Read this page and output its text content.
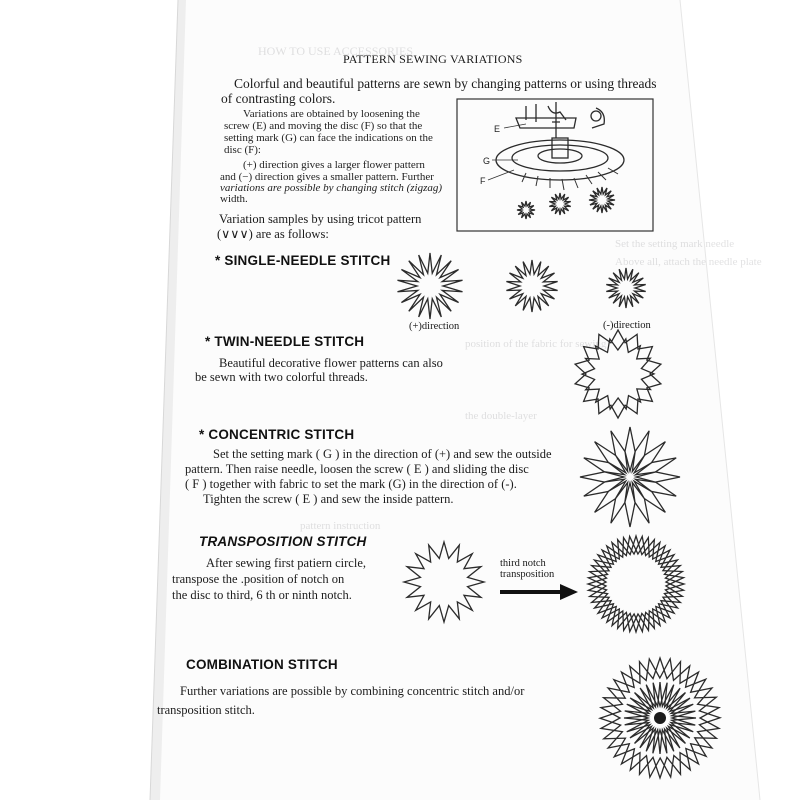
HOW TO USE ACCESSORIES
Set the setting mark needle
Above all, attach the needle plate
position of the fabric for sewing
the double-layer
pattern instruction
PATTERN SEWING VARIATIONS
Colorful and beautiful patterns are sewn by changing patterns or using threads
of contrasting colors.
Variations are obtained by loosening the
screw (E) and moving the disc (F) so that the
setting mark (G) can face the indications on the
disc (F):
(+) direction gives a larger flower pattern
and (−) direction gives a smaller pattern. Further
variations are possible by changing stitch (zigzag)
width.
Variation samples by using tricot pattern
(∨∨∨) are as follows:
E
G
F
* SINGLE-NEEDLE STITCH
(+)direction	(-)direction
* TWIN-NEEDLE STITCH
Beautiful decorative flower patterns can also
be sewn with two colorful threads.
* CONCENTRIC STITCH
Set the setting mark ( G ) in the direction of (+) and sew the outside
pattern. Then raise needle, loosen the screw ( E ) and sliding the disc
( F ) together with fabric to set the mark (G) in the direction of (-).
Tighten the screw ( E ) and sew the inside pattern.
TRANSPOSITION STITCH
After sewing first patiern circle,
transpose the .position of notch on
the disc to third, 6 th or ninth notch.
third notch
transposition
COMBINATION STITCH
Further variations are possible by combining concentric stitch and/or
transposition stitch.
